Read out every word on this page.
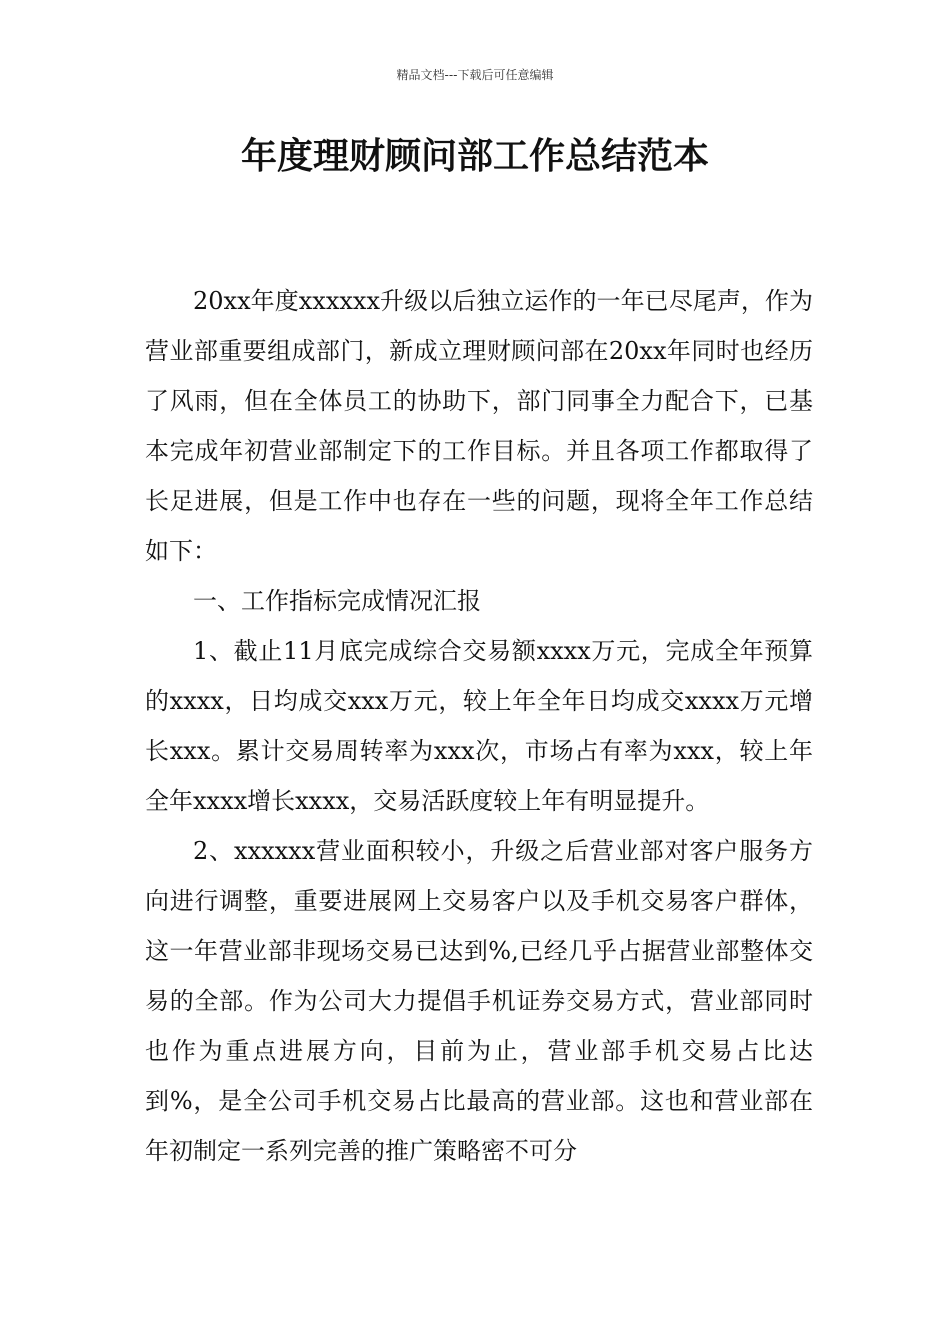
精品文档---下载后可任意编辑
年度理财顾问部工作总结范本

20xx年度xxxxxx升级以后独立运作的一年已尽尾声，作为营业部重要组成部门，新成立理财顾问部在20xx年同时也经历了风雨，但在全体员工的协助下，部门同事全力配合下，已基本完成年初营业部制定下的工作目标。并且各项工作都取得了长足进展，但是工作中也存在一些的问题，现将全年工作总结如下：

一、工作指标完成情况汇报

1、截止11月底完成综合交易额xxxx万元，完成全年预算的xxxx，日均成交xxx万元，较上年全年日均成交xxxx万元增长xxx。累计交易周转率为xxx次，市场占有率为xxx，较上年全年xxxx增长xxxx，交易活跃度较上年有明显提升。

2、xxxxxx营业面积较小，升级之后营业部对客户服务方向进行调整，重要进展网上交易客户以及手机交易客户群体，这一年营业部非现场交易已达到%,已经几乎占据营业部整体交易的全部。作为公司大力提倡手机证券交易方式，营业部同时也作为重点进展方向，目前为止，营业部手机交易占比达到%，是全公司手机交易占比最高的营业部。这也和营业部在年初制定一系列完善的推广策略密不可分
